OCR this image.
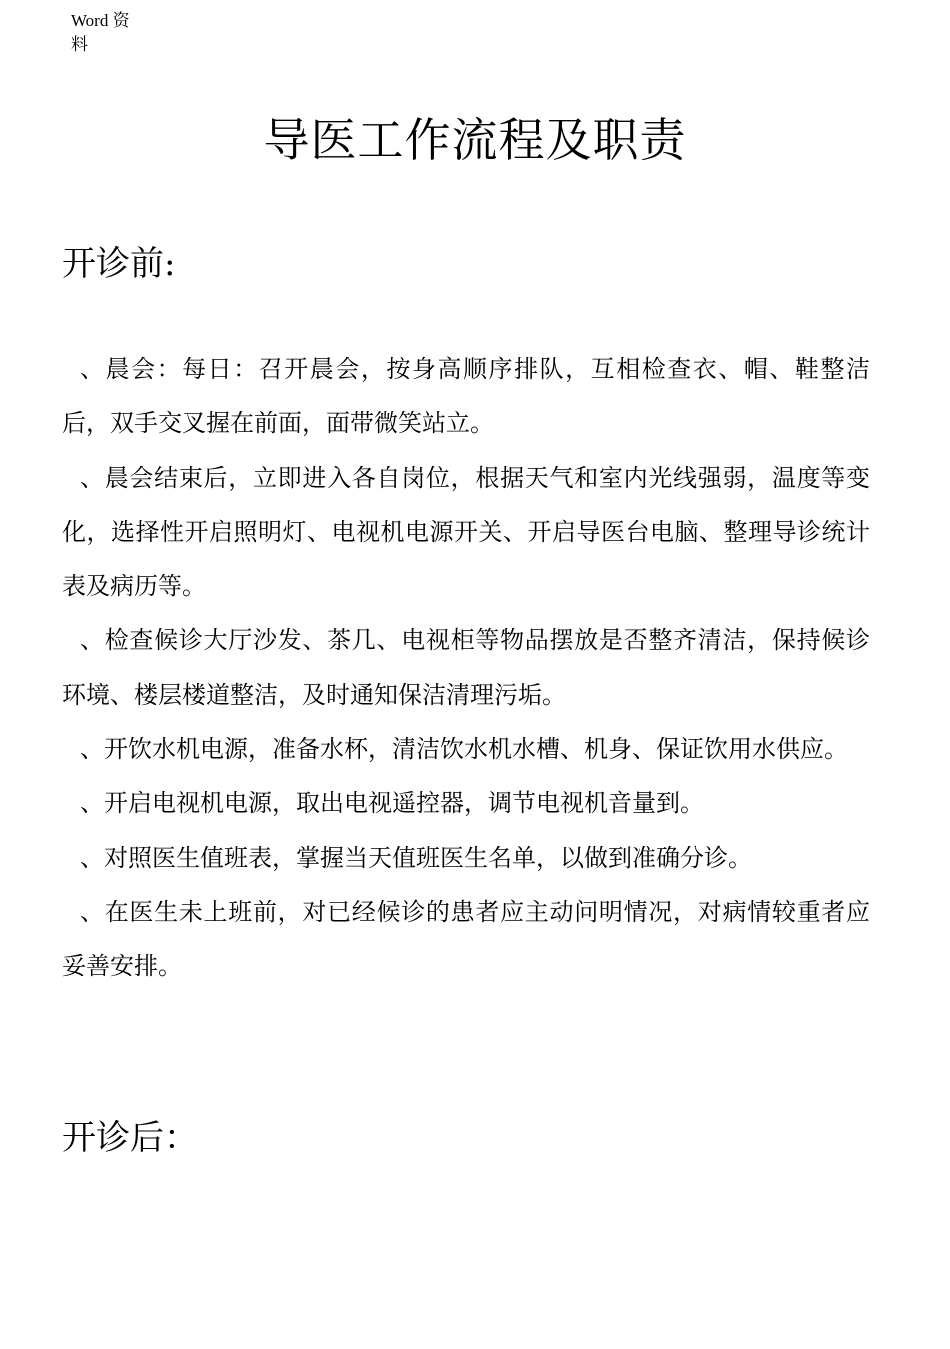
Word 资料
导医工作流程及职责
开诊前:

、晨会：每日：召开晨会，按身高顺序排队，互相检查衣、帽、鞋整洁后，双手交叉握在前面，面带微笑站立。

、晨会结束后，立即进入各自岗位，根据天气和室内光线强弱，温度等变化，选择性开启照明灯、电视机电源开关、开启导医台电脑、整理导诊统计表及病历等。

、检查候诊大厅沙发、茶几、电视柜等物品摆放是否整齐清洁，保持候诊环境、楼层楼道整洁，及时通知保洁清理污垢。

、开饮水机电源，准备水杯，清洁饮水机水槽、机身、保证饮用水供应。

、开启电视机电源，取出电视遥控器，调节电视机音量到。

、对照医生值班表，掌握当天值班医生名单，以做到准确分诊。

、在医生未上班前，对已经候诊的患者应主动问明情况，对病情较重者应妥善安排。

开诊后：
